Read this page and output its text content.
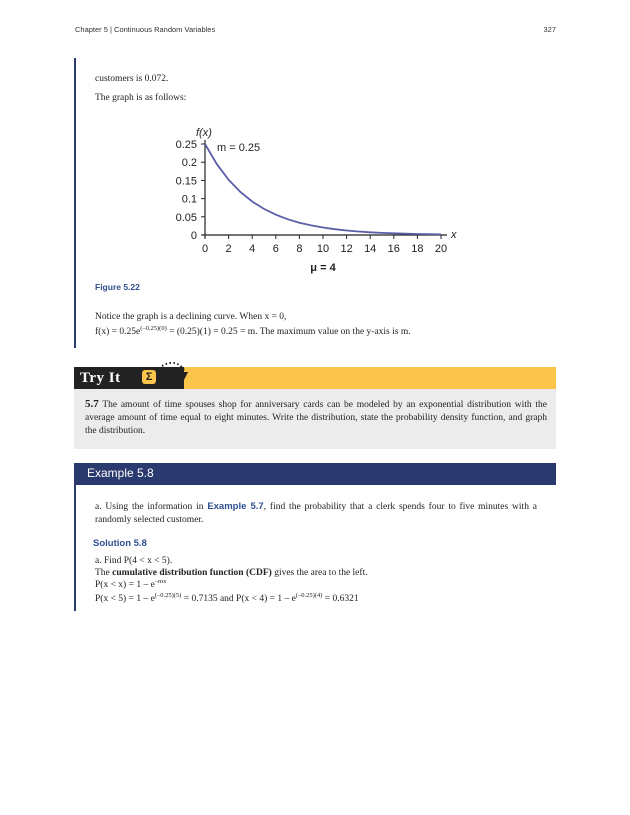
Chapter 5 | Continuous Random Variables	327
customers is 0.072.
The graph is as follows:
0
0.05
0.1
0.15
0.2
0.25
0 2 4 6 8 10 12 14 16 18 20
f(x)
x
m = 0.25
μ = 4
Figure 5.22
Notice the graph is a declining curve. When x = 0,
$f(x) = 0.25e^{(-0.25)(0)} = (0.25)(1) = 0.25 = m$. The maximum value on the y-axis is m.
Try It	Σ
5.7 The amount of time spouses shop for anniversary cards can be modeled by an exponential distribution with the average amount of time equal to eight minutes. Write the distribution, state the probability density function, and graph the distribution.
Example 5.8
a. Using the information in Example 5.7, find the probability that a clerk spends four to five minutes with a randomly selected customer.
Solution 5.8
a. Find P(4 < x < 5).
The cumulative distribution function (CDF) gives the area to the left.
$P(x < x) = 1 - e^{-mx}$
$P(x < 5) = 1 - e^{(-0.25)(5)} = 0.7135$ and $P(x < 4) = 1 - e^{(-0.25)(4)} = 0.6321$
